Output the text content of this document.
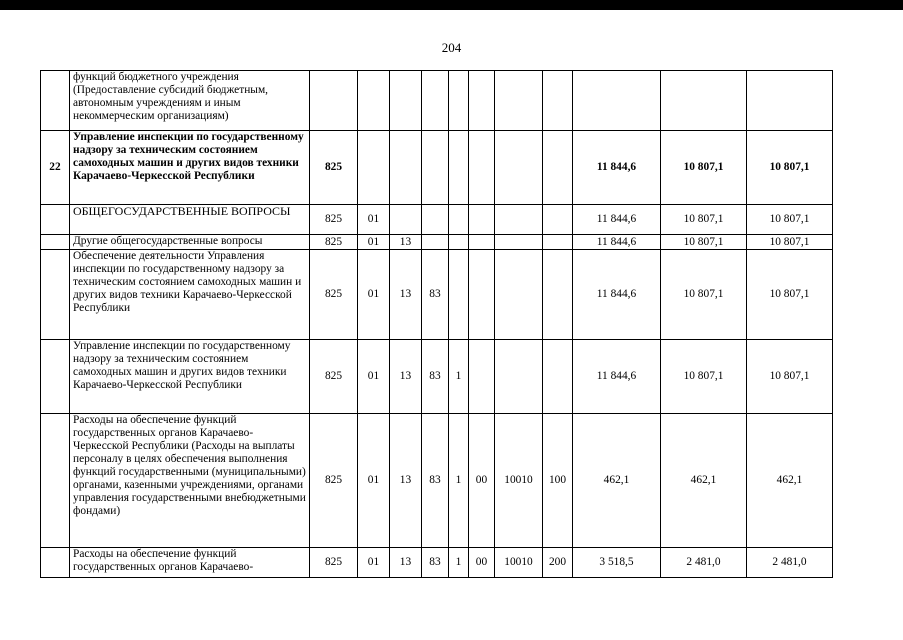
204
	функций бюджетного учреждения (Предоставление субсидий бюджетным, автономным учреждениям и иным некоммерческим организациям)											
22	Управление инспекции по государственному надзору за техническим состоянием самоходных машин и других видов техники Карачаево-Черкесской Республики	825								11 844,6	10 807,1	10 807,1
	ОБЩЕГОСУДАРСТВЕННЫЕ ВОПРОСЫ	825	01							11 844,6	10 807,1	10 807,1
	Другие общегосударственные вопросы	825	01	13						11 844,6	10 807,1	10 807,1
	Обеспечение деятельности Управления инспекции по государственному надзору за техническим состоянием самоходных машин и других видов техники Карачаево-Черкесской Республики	825	01	13	83					11 844,6	10 807,1	10 807,1
	Управление инспекции по государственному надзору за техническим состоянием самоходных машин и других видов техники Карачаево-Черкесской Республики	825	01	13	83	1				11 844,6	10 807,1	10 807,1
	Расходы на обеспечение функций государственных органов Карачаево-Черкесской Республики (Расходы на выплаты персоналу в целях обеспечения выполнения функций государственными (муниципальными) органами, казенными учреждениями, органами управления государственными внебюджетными фондами)	825	01	13	83	1	00	10010	100	462,1	462,1	462,1
	Расходы на обеспечение функций государственных органов Карачаево-	825	01	13	83	1	00	10010	200	3 518,5	2 481,0	2 481,0
